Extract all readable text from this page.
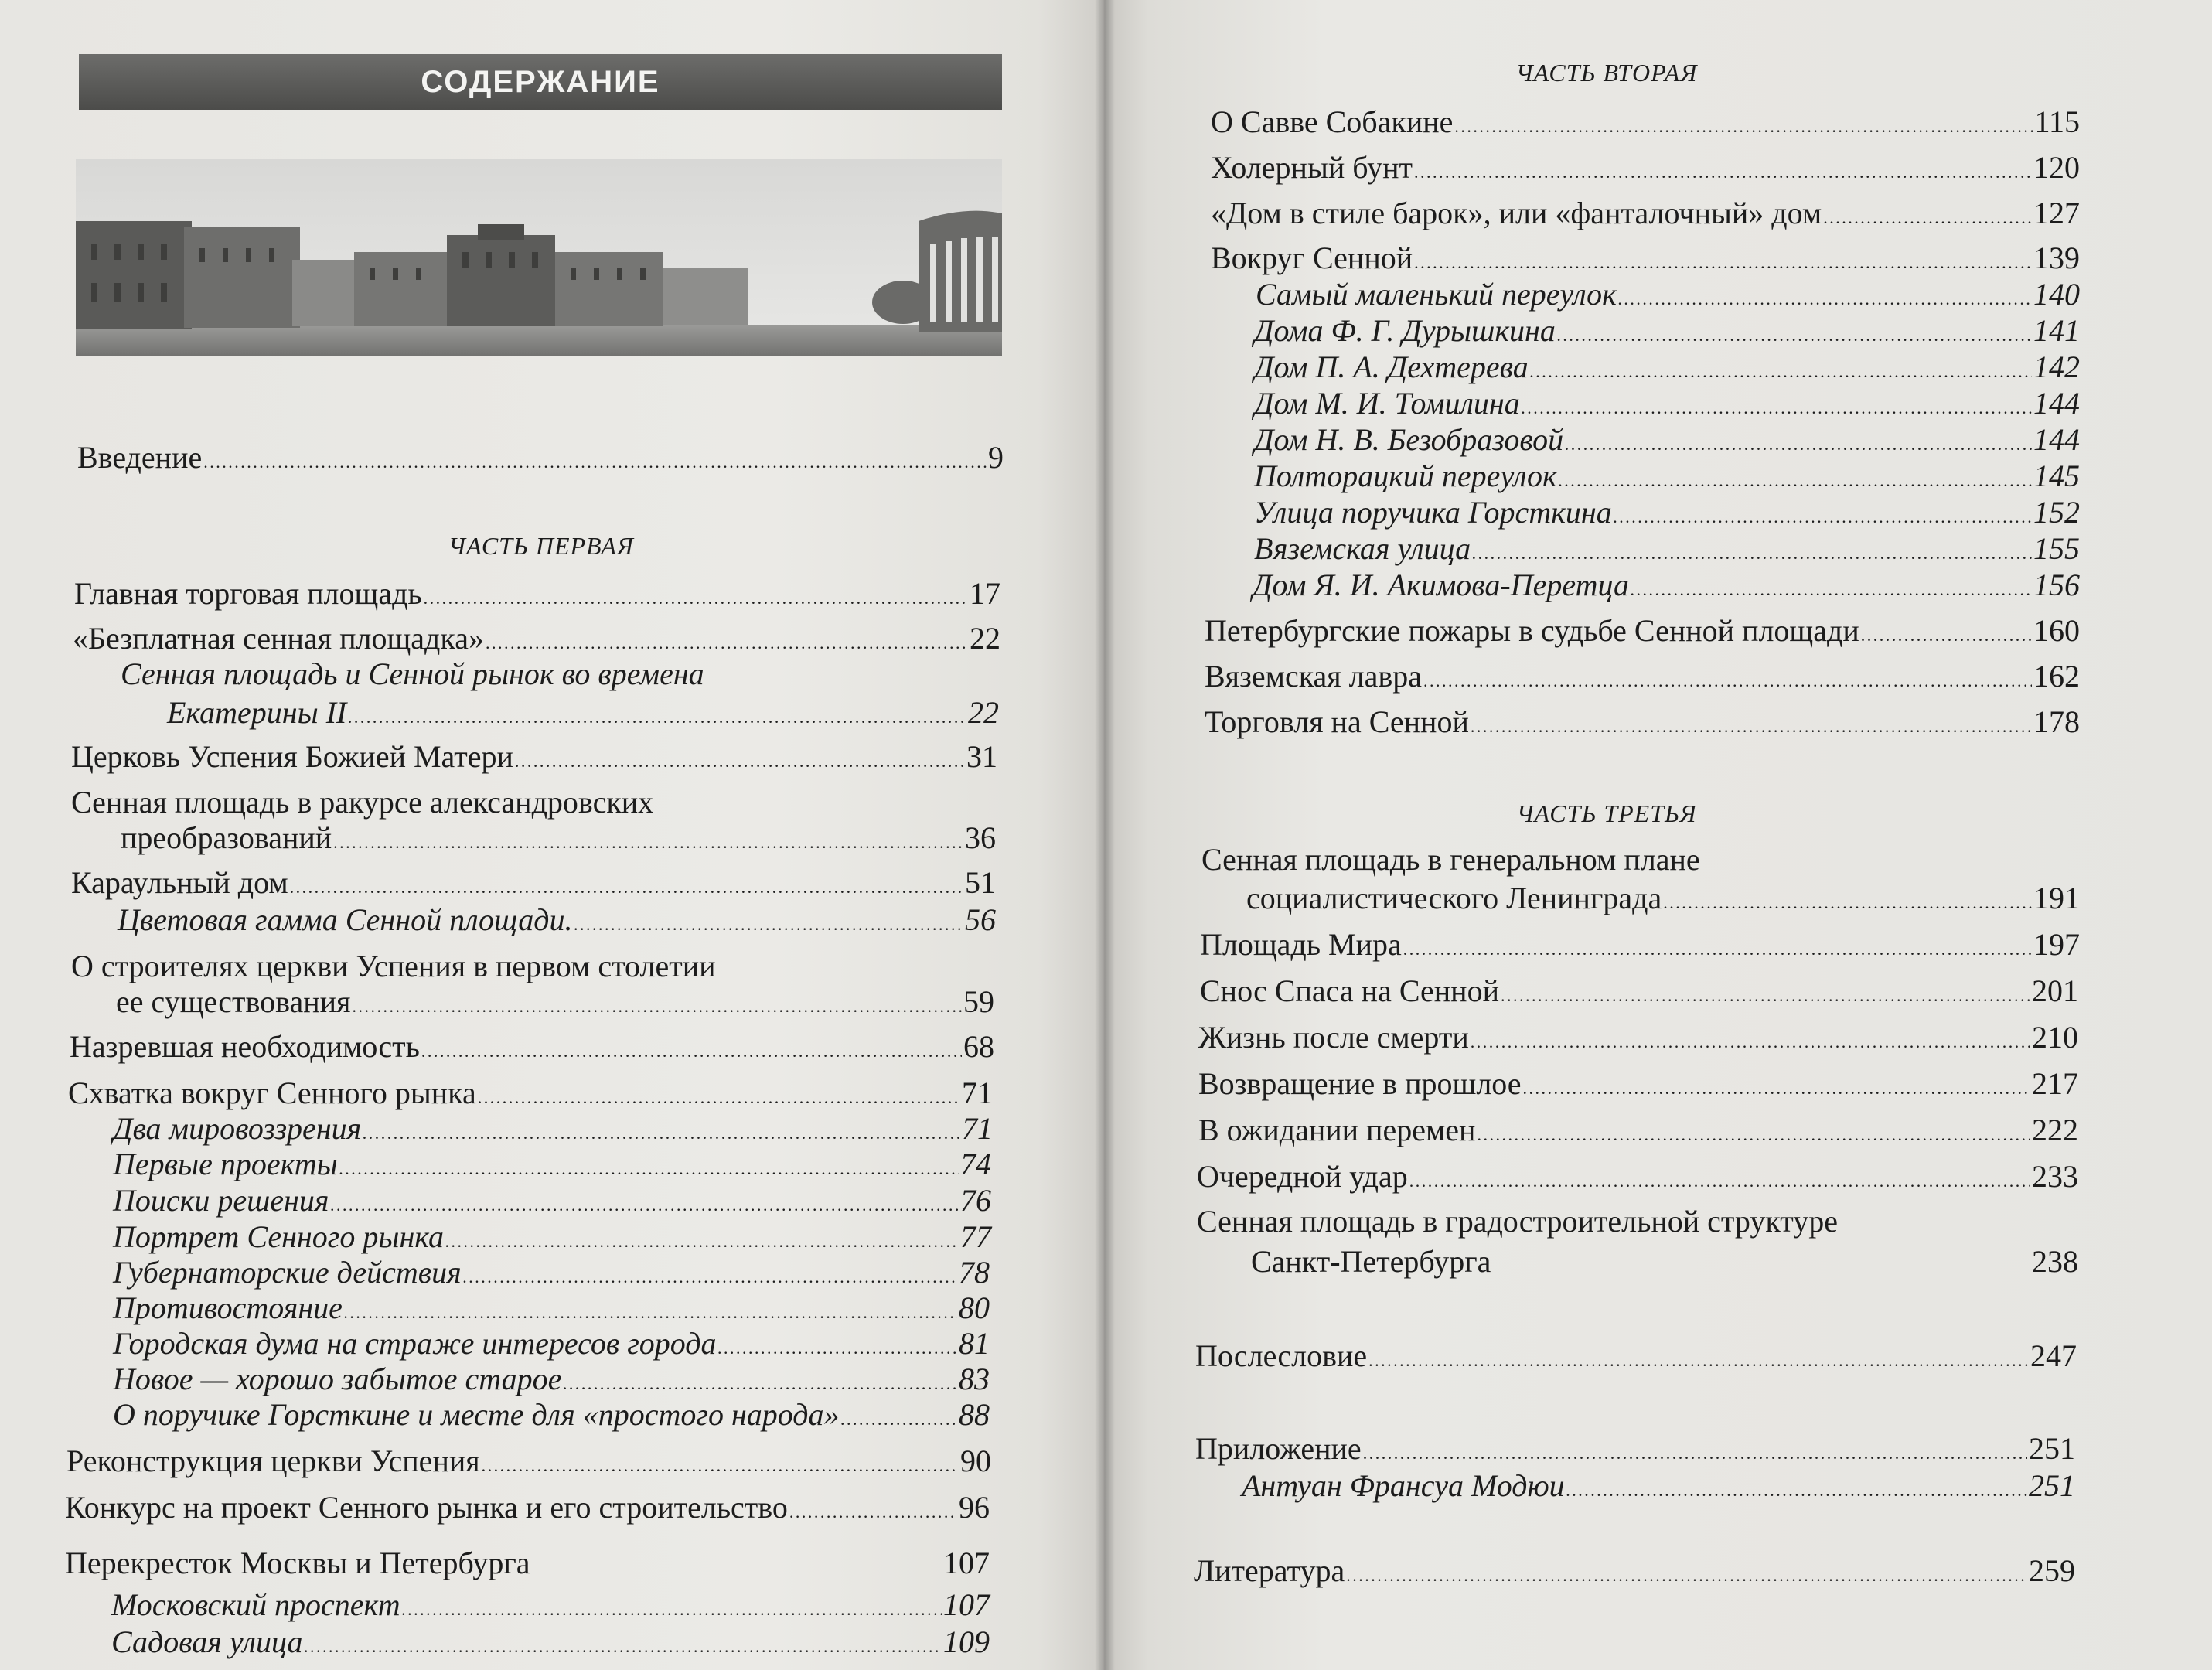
СОДЕРЖАНИЕ
Введение . . .	9
ЧАСТЬ ПЕРВАЯ
Главная торговая площадь . . .	17
«Безплатная сенная площадка» . . .	22
Сенная площадь и Сенной рынок во времена
Екатерины II . . .	22
Церковь Успения Божией Матери . . .	31
Сенная площадь в ракурсе александровских
преобразований . . .	36
Караульный дом . . .	51
Цветовая гамма Сенной площади. . . .	56
О строителях церкви Успения в первом столетии
ее существования . . .	59
Назревшая необходимость . . .	68
Схватка вокруг Сенного рынка . . .	71
Два мировоззрения . . .	71
Первые проекты . . .	74
Поиски решения . . .	76
Портрет Сенного рынка . . .	77
Губернаторские действия . . .	78
Противостояние . . .	80
Городская дума на страже интересов города . . .	81
Новое — хорошо забытое старое . . .	83
О поручике Горсткине и месте для «простого народа» . . .	88
Реконструкция церкви Успения . . .	90
Конкурс на проект Сенного рынка и его строительство . . .	96
Перекресток Москвы и Петербурга	107
Московский проспект . . .	107
Садовая улица . . .	109
ЧАСТЬ ВТОРАЯ
О Савве Собакине . . .	115
Холерный бунт . . .	120
«Дом в стиле барок», или «фанталочный» дом . . .	127
Вокруг Сенной . . .	139
Самый маленький переулок . . .	140
Дома Ф. Г. Дурышкина . . .	141
Дом П. А. Дехтерева . . .	142
Дом М. И. Томилина . . .	144
Дом Н. В. Безобразовой . . .	144
Полторацкий переулок . . .	145
Улица поручика Горсткина . . .	152
Вяземская улица . . .	155
Дом Я. И. Акимова-Перетца . . .	156
Петербургские пожары в судьбе Сенной площади . . .	160
Вяземская лавра . . .	162
Торговля на Сенной . . .	178
ЧАСТЬ ТРЕТЬЯ
Сенная площадь в генеральном плане
социалистического Ленинграда . . .	191
Площадь Мира . . .	197
Снос Спаса на Сенной . . .	201
Жизнь после смерти . . .	210
Возвращение в прошлое . . .	217
В ожидании перемен . . .	222
Очередной удар . . .	233
Сенная площадь в градостроительной структуре
Санкт-Петербурга	238
Послесловие . . .	247
Приложение . . .	251
Антуан Франсуа Модюи . . .	251
Литература . . .	259
